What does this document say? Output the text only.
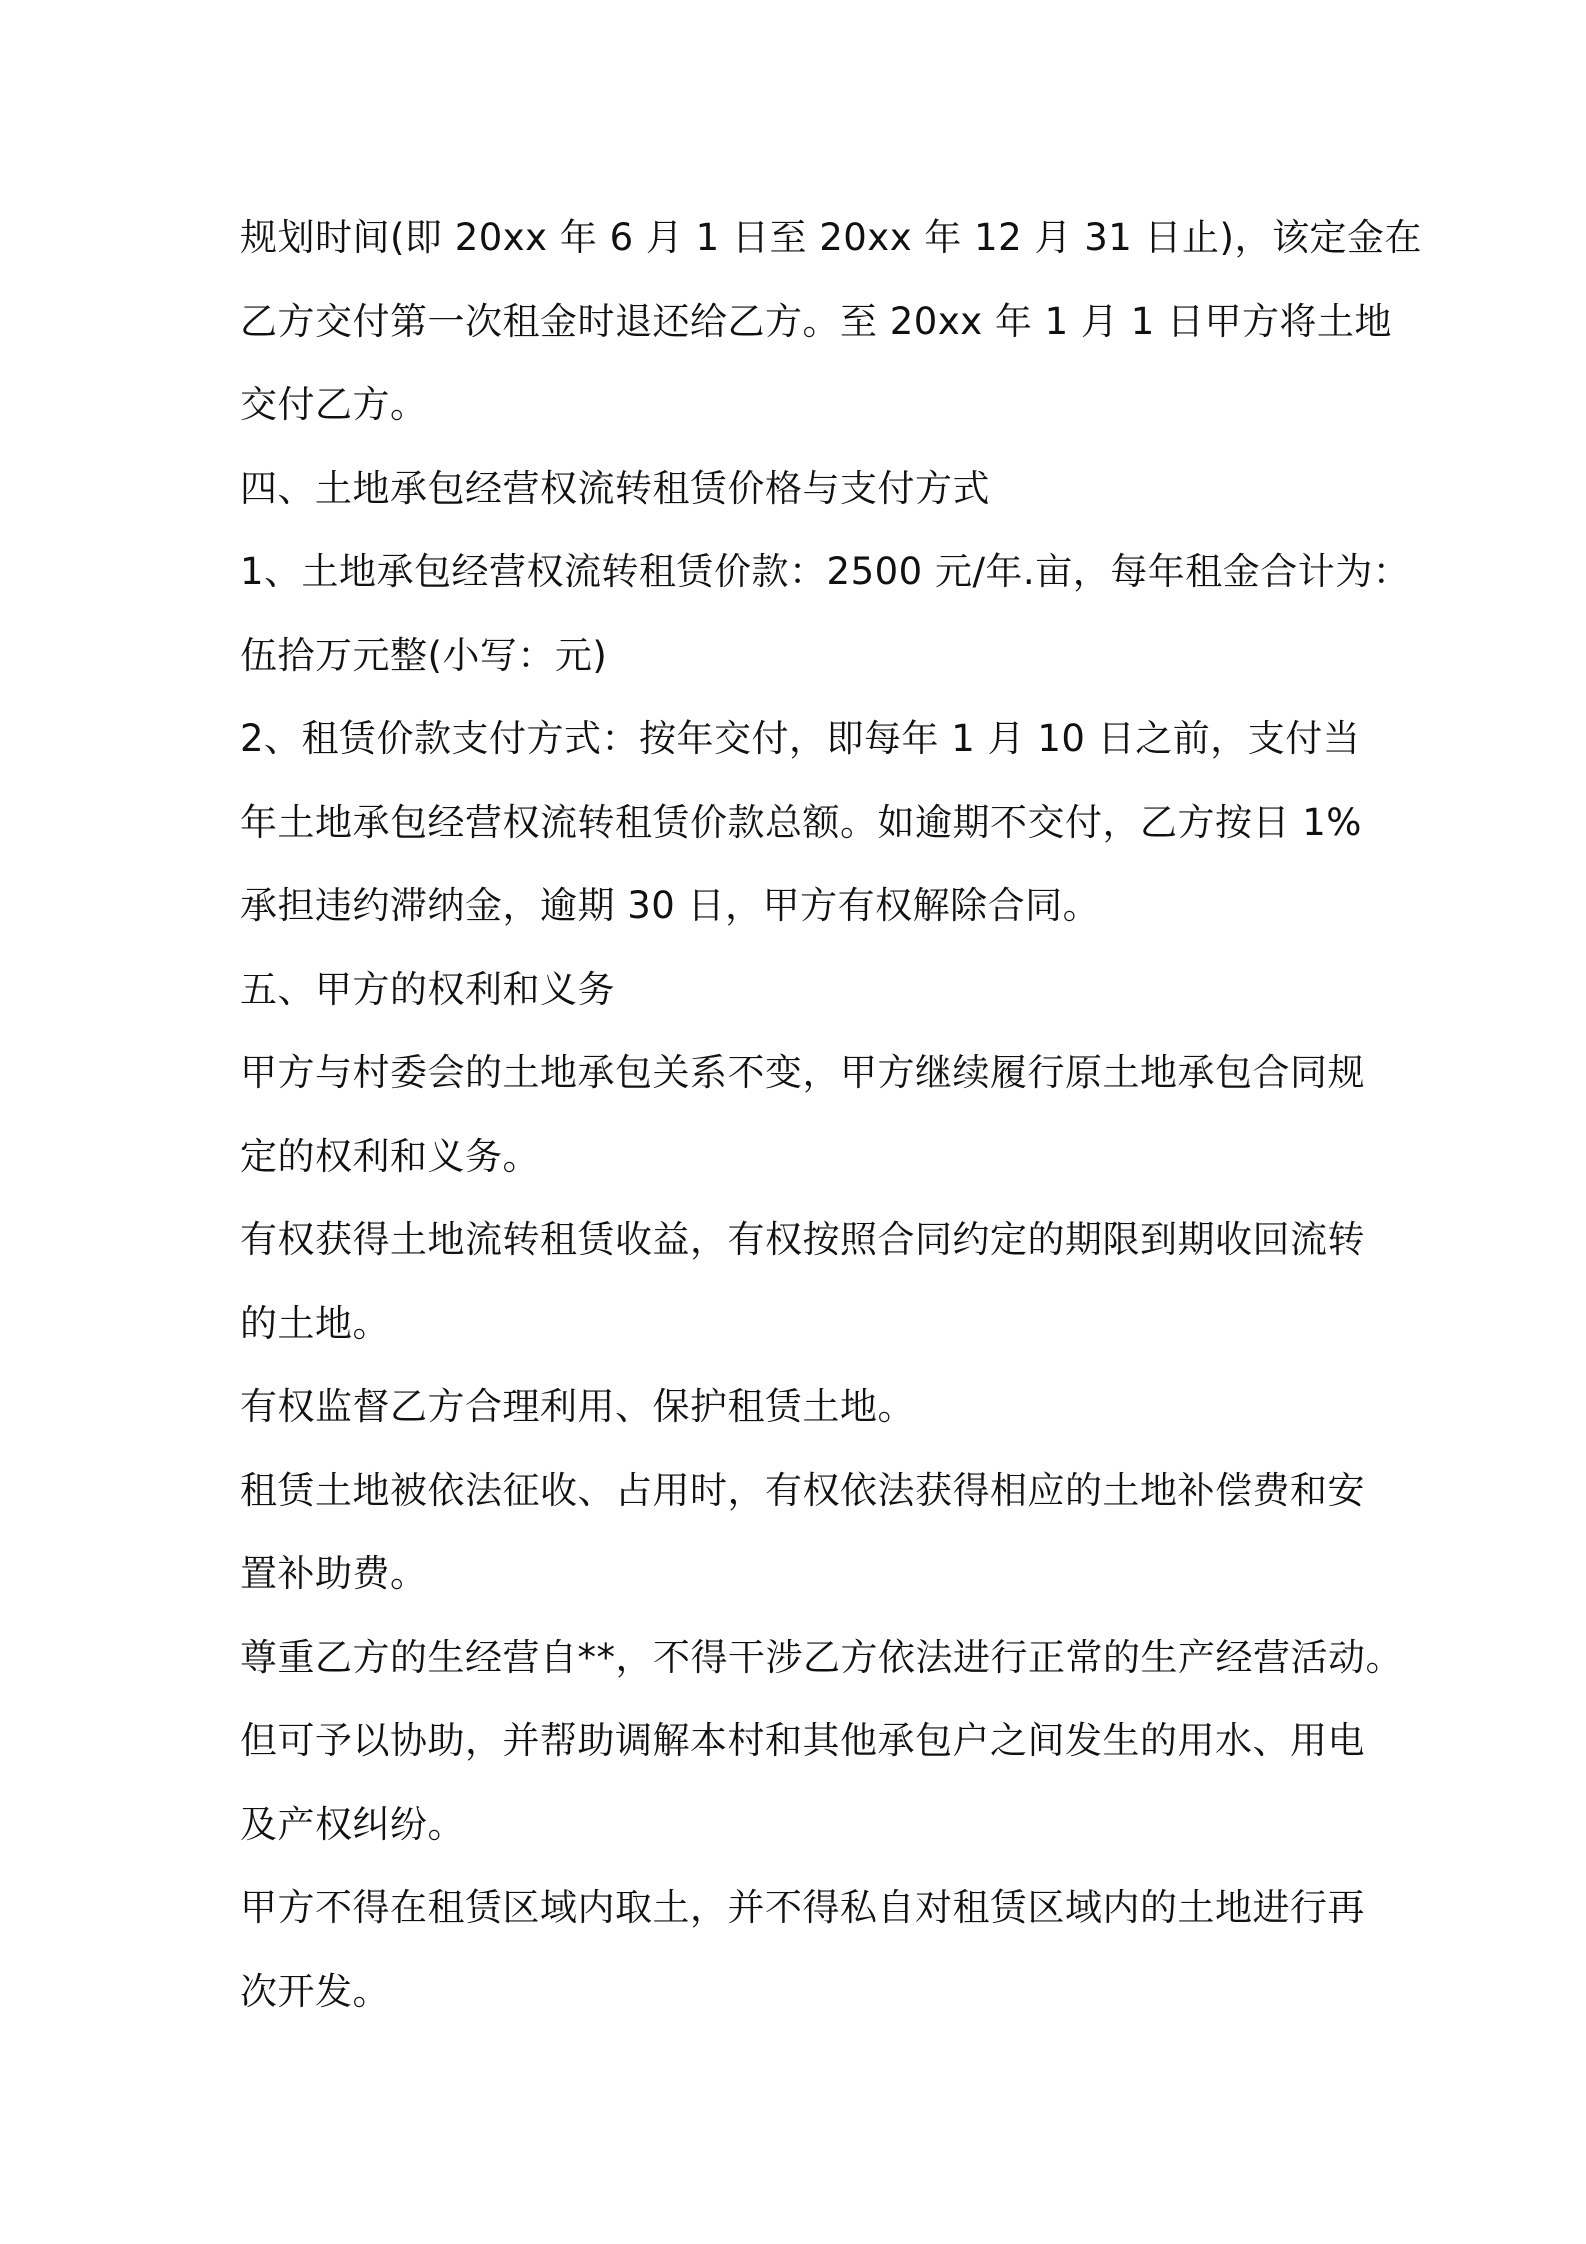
规划时间(即 20xx 年 6 月 1 日至 20xx 年 12 月 31 日止)，该定金在
乙方交付第一次租金时退还给乙方。至 20xx 年 1 月 1 日甲方将土地
交付乙方。
四、土地承包经营权流转租赁价格与支付方式
1、土地承包经营权流转租赁价款：2500 元/年.亩，每年租金合计为：
伍拾万元整(小写：元)
2、租赁价款支付方式：按年交付，即每年 1 月 10 日之前，支付当
年土地承包经营权流转租赁价款总额。如逾期不交付，乙方按日 1%
承担违约滞纳金，逾期 30 日，甲方有权解除合同。
五、甲方的权利和义务
甲方与村委会的土地承包关系不变，甲方继续履行原土地承包合同规
定的权利和义务。
有权获得土地流转租赁收益，有权按照合同约定的期限到期收回流转
的土地。
有权监督乙方合理利用、保护租赁土地。
租赁土地被依法征收、占用时，有权依法获得相应的土地补偿费和安
置补助费。
尊重乙方的生经营自**，不得干涉乙方依法进行正常的生产经营活动。
但可予以协助，并帮助调解本村和其他承包户之间发生的用水、用电
及产权纠纷。
甲方不得在租赁区域内取土，并不得私自对租赁区域内的土地进行再
次开发。
